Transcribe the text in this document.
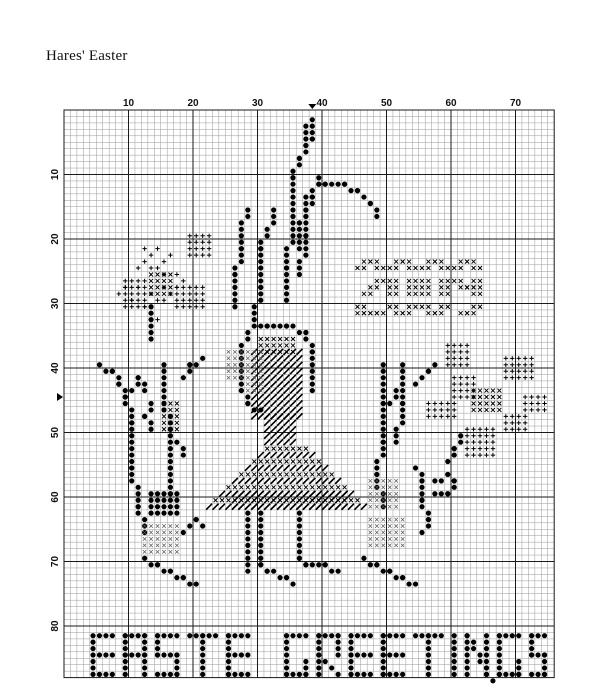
Hares' Easter
10	20	30	40	50	60	70
10
20
30
40
50
60
70
80
